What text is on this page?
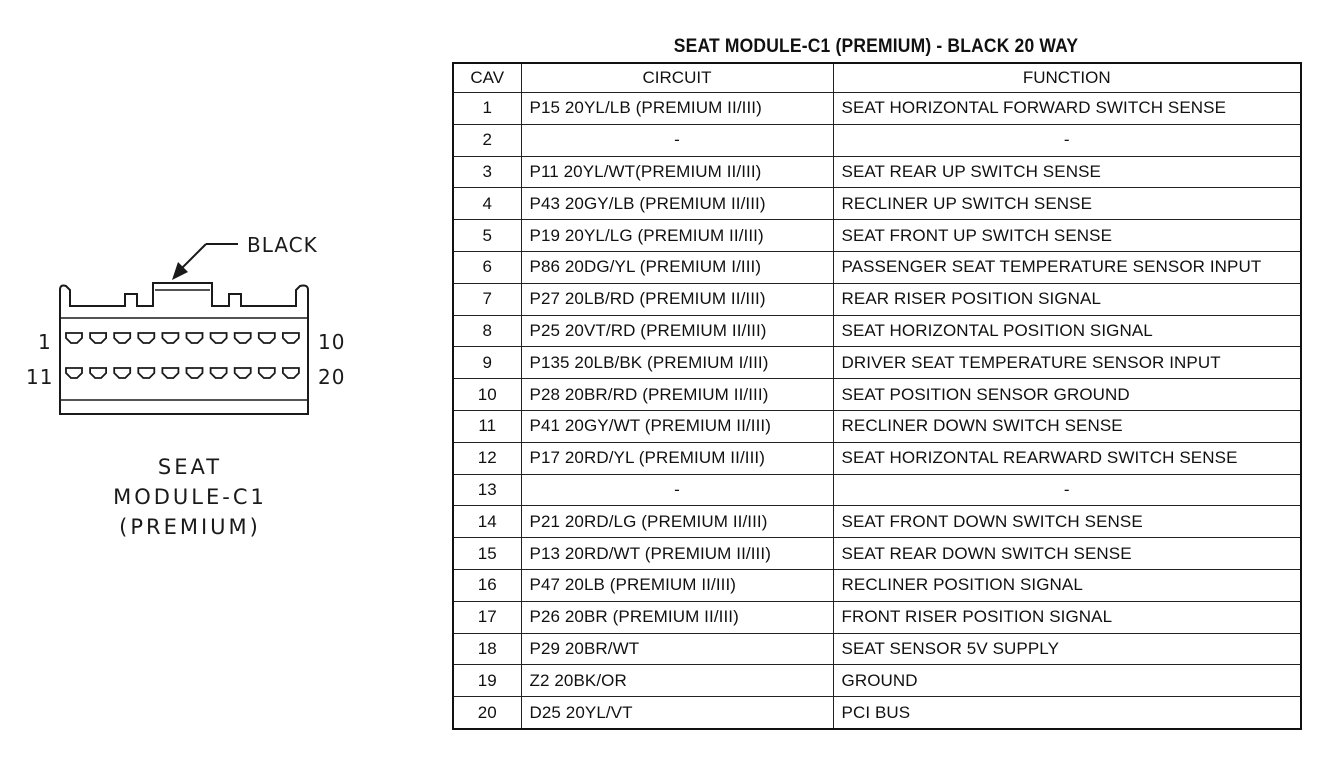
BLACK
1	10
11	20
SEAT
MODULE-C1
(PREMIUM)
SEAT MODULE-C1 (PREMIUM) - BLACK 20 WAY
CAV	CIRCUIT	FUNCTION
1	P15 20YL/LB (PREMIUM II/III)	SEAT HORIZONTAL FORWARD SWITCH SENSE
2	-	-
3	P11 20YL/WT(PREMIUM II/III)	SEAT REAR UP SWITCH SENSE
4	P43 20GY/LB (PREMIUM II/III)	RECLINER UP SWITCH SENSE
5	P19 20YL/LG (PREMIUM II/III)	SEAT FRONT UP SWITCH SENSE
6	P86 20DG/YL (PREMIUM I/III)	PASSENGER SEAT TEMPERATURE SENSOR INPUT
7	P27 20LB/RD (PREMIUM II/III)	REAR RISER POSITION SIGNAL
8	P25 20VT/RD (PREMIUM II/III)	SEAT HORIZONTAL POSITION SIGNAL
9	P135 20LB/BK (PREMIUM I/III)	DRIVER SEAT TEMPERATURE SENSOR INPUT
10	P28 20BR/RD (PREMIUM II/III)	SEAT POSITION SENSOR GROUND
11	P41 20GY/WT (PREMIUM II/III)	RECLINER DOWN SWITCH SENSE
12	P17 20RD/YL (PREMIUM II/III)	SEAT HORIZONTAL REARWARD SWITCH SENSE
13	-	-
14	P21 20RD/LG (PREMIUM II/III)	SEAT FRONT DOWN SWITCH SENSE
15	P13 20RD/WT (PREMIUM II/III)	SEAT REAR DOWN SWITCH SENSE
16	P47 20LB (PREMIUM II/III)	RECLINER POSITION SIGNAL
17	P26 20BR (PREMIUM II/III)	FRONT RISER POSITION SIGNAL
18	P29 20BR/WT	SEAT SENSOR 5V SUPPLY
19	Z2 20BK/OR	GROUND
20	D25 20YL/VT	PCI BUS
